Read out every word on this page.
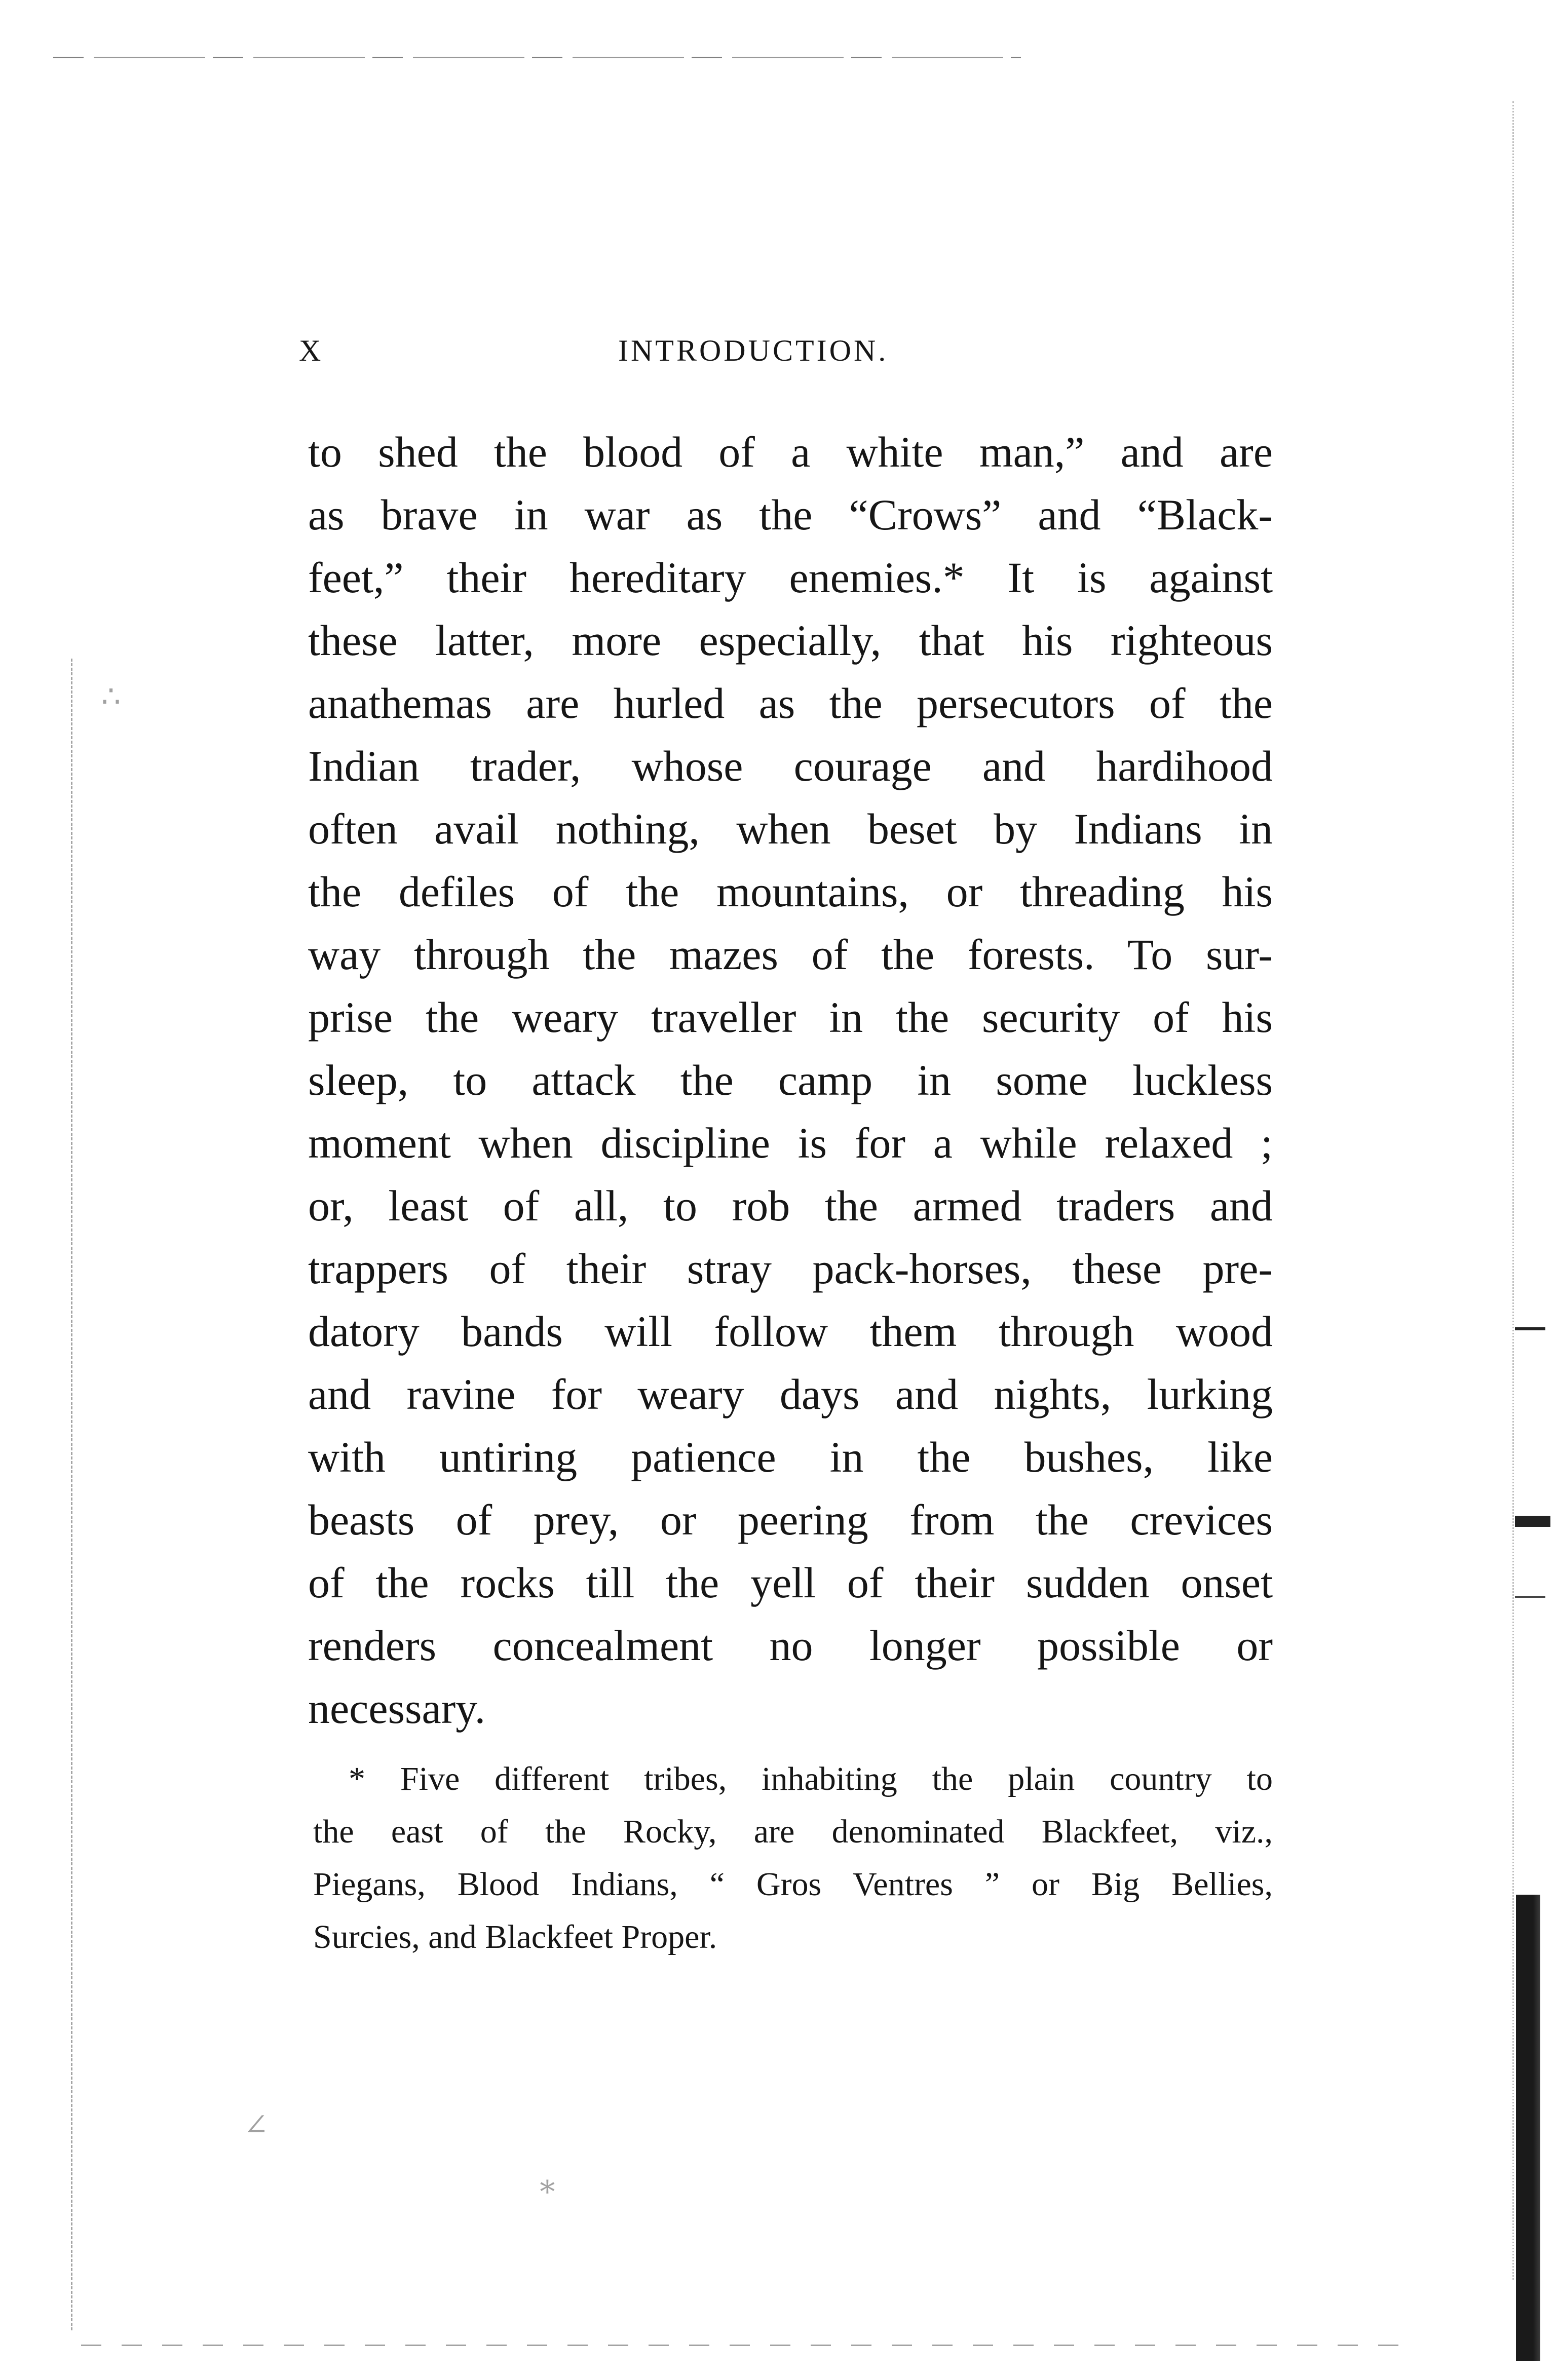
∴
∠
∗
X	INTRODUCTION.
to shed the blood of a white man,” and are
as brave in war as the “Crows” and “Black-
feet,” their hereditary enemies.* It is against
these latter, more especially, that his righteous
anathemas are hurled as the persecutors of the
Indian trader, whose courage and hardihood
often avail nothing, when beset by Indians in
the defiles of the mountains, or threading his
way through the mazes of the forests. To sur-
prise the weary traveller in the security of his
sleep, to attack the camp in some luckless
moment when discipline is for a while relaxed ;
or, least of all, to rob the armed traders and
trappers of their stray pack-horses, these pre-
datory bands will follow them through wood
and ravine for weary days and nights, lurking
with untiring patience in the bushes, like
beasts of prey, or peering from the crevices
of the rocks till the yell of their sudden onset
renders concealment no longer possible or
necessary.
* Five different tribes, inhabiting the plain country to
the east of the Rocky, are denominated Blackfeet, viz.,
Piegans, Blood Indians, “ Gros Ventres ” or Big Bellies,
Surcies, and Blackfeet Proper.
